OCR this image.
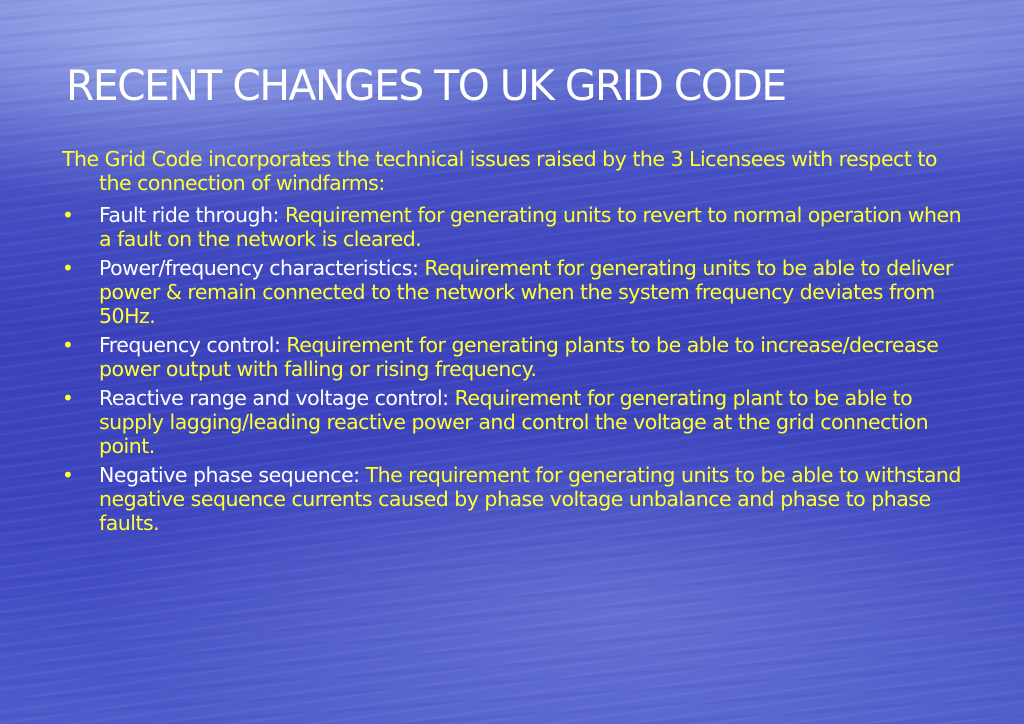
RECENT CHANGES TO UK GRID CODE

The Grid Code incorporates the technical issues raised by the 3 Licensees with respect to the connection of windfarms:

• Fault ride through: Requirement for generating units to revert to normal operation when a fault on the network is cleared.
• Power/frequency characteristics: Requirement for generating units to be able to deliver power & remain connected to the network when the system frequency deviates from 50Hz.
• Frequency control: Requirement for generating plants to be able to increase/decrease power output with falling or rising frequency.
• Reactive range and voltage control: Requirement for generating plant to be able to supply lagging/leading reactive power and control the voltage at the grid connection point.
• Negative phase sequence: The requirement for generating units to be able to withstand negative sequence currents caused by phase voltage unbalance and phase to phase faults.
